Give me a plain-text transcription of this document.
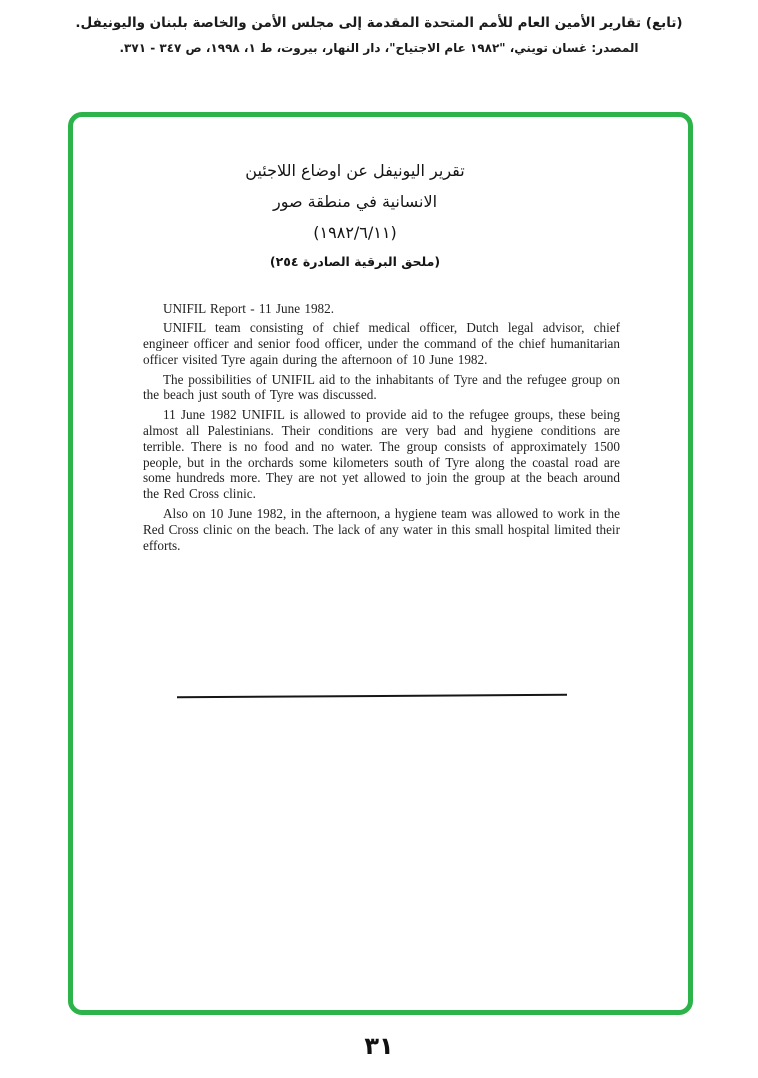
(تابع) تقارير الأمين العام للأمم المتحدة المقدمة إلى مجلس الأمن والخاصة بلبنان واليونيفل.
المصدر: غسان تويني، "١٩٨٢ عام الاجتياح"، دار النهار، بيروت، ط ١، ١٩٩٨، ص ٣٤٧ - ٣٧١.
تقرير اليونيفل عن اوضاع اللاجئين
الانسانية في منطقة صور
(١٩٨٢/٦/١١)
(ملحق البرقية الصادرة ٢٥٤)

UNIFIL Report - 11 June 1982.

UNIFIL team consisting of chief medical officer, Dutch legal advisor, chief engineer officer and senior food officer, under the command of the chief humanitarian officer visited Tyre again during the afternoon of 10 June 1982.

The possibilities of UNIFIL aid to the inhabitants of Tyre and the refugee group on the beach just south of Tyre was discussed.

11 June 1982 UNIFIL is allowed to provide aid to the refugee groups, these being almost all Palestinians. Their conditions are very bad and hygiene conditions are terrible. There is no food and no water. The group consists of approximately 1500 people, but in the orchards some kilometers south of Tyre along the coastal road are some hundreds more. They are not yet allowed to join the group at the beach around the Red Cross clinic.

Also on 10 June 1982, in the afternoon, a hygiene team was allowed to work in the Red Cross clinic on the beach. The lack of any water in this small hospital limited their efforts.

٣١
